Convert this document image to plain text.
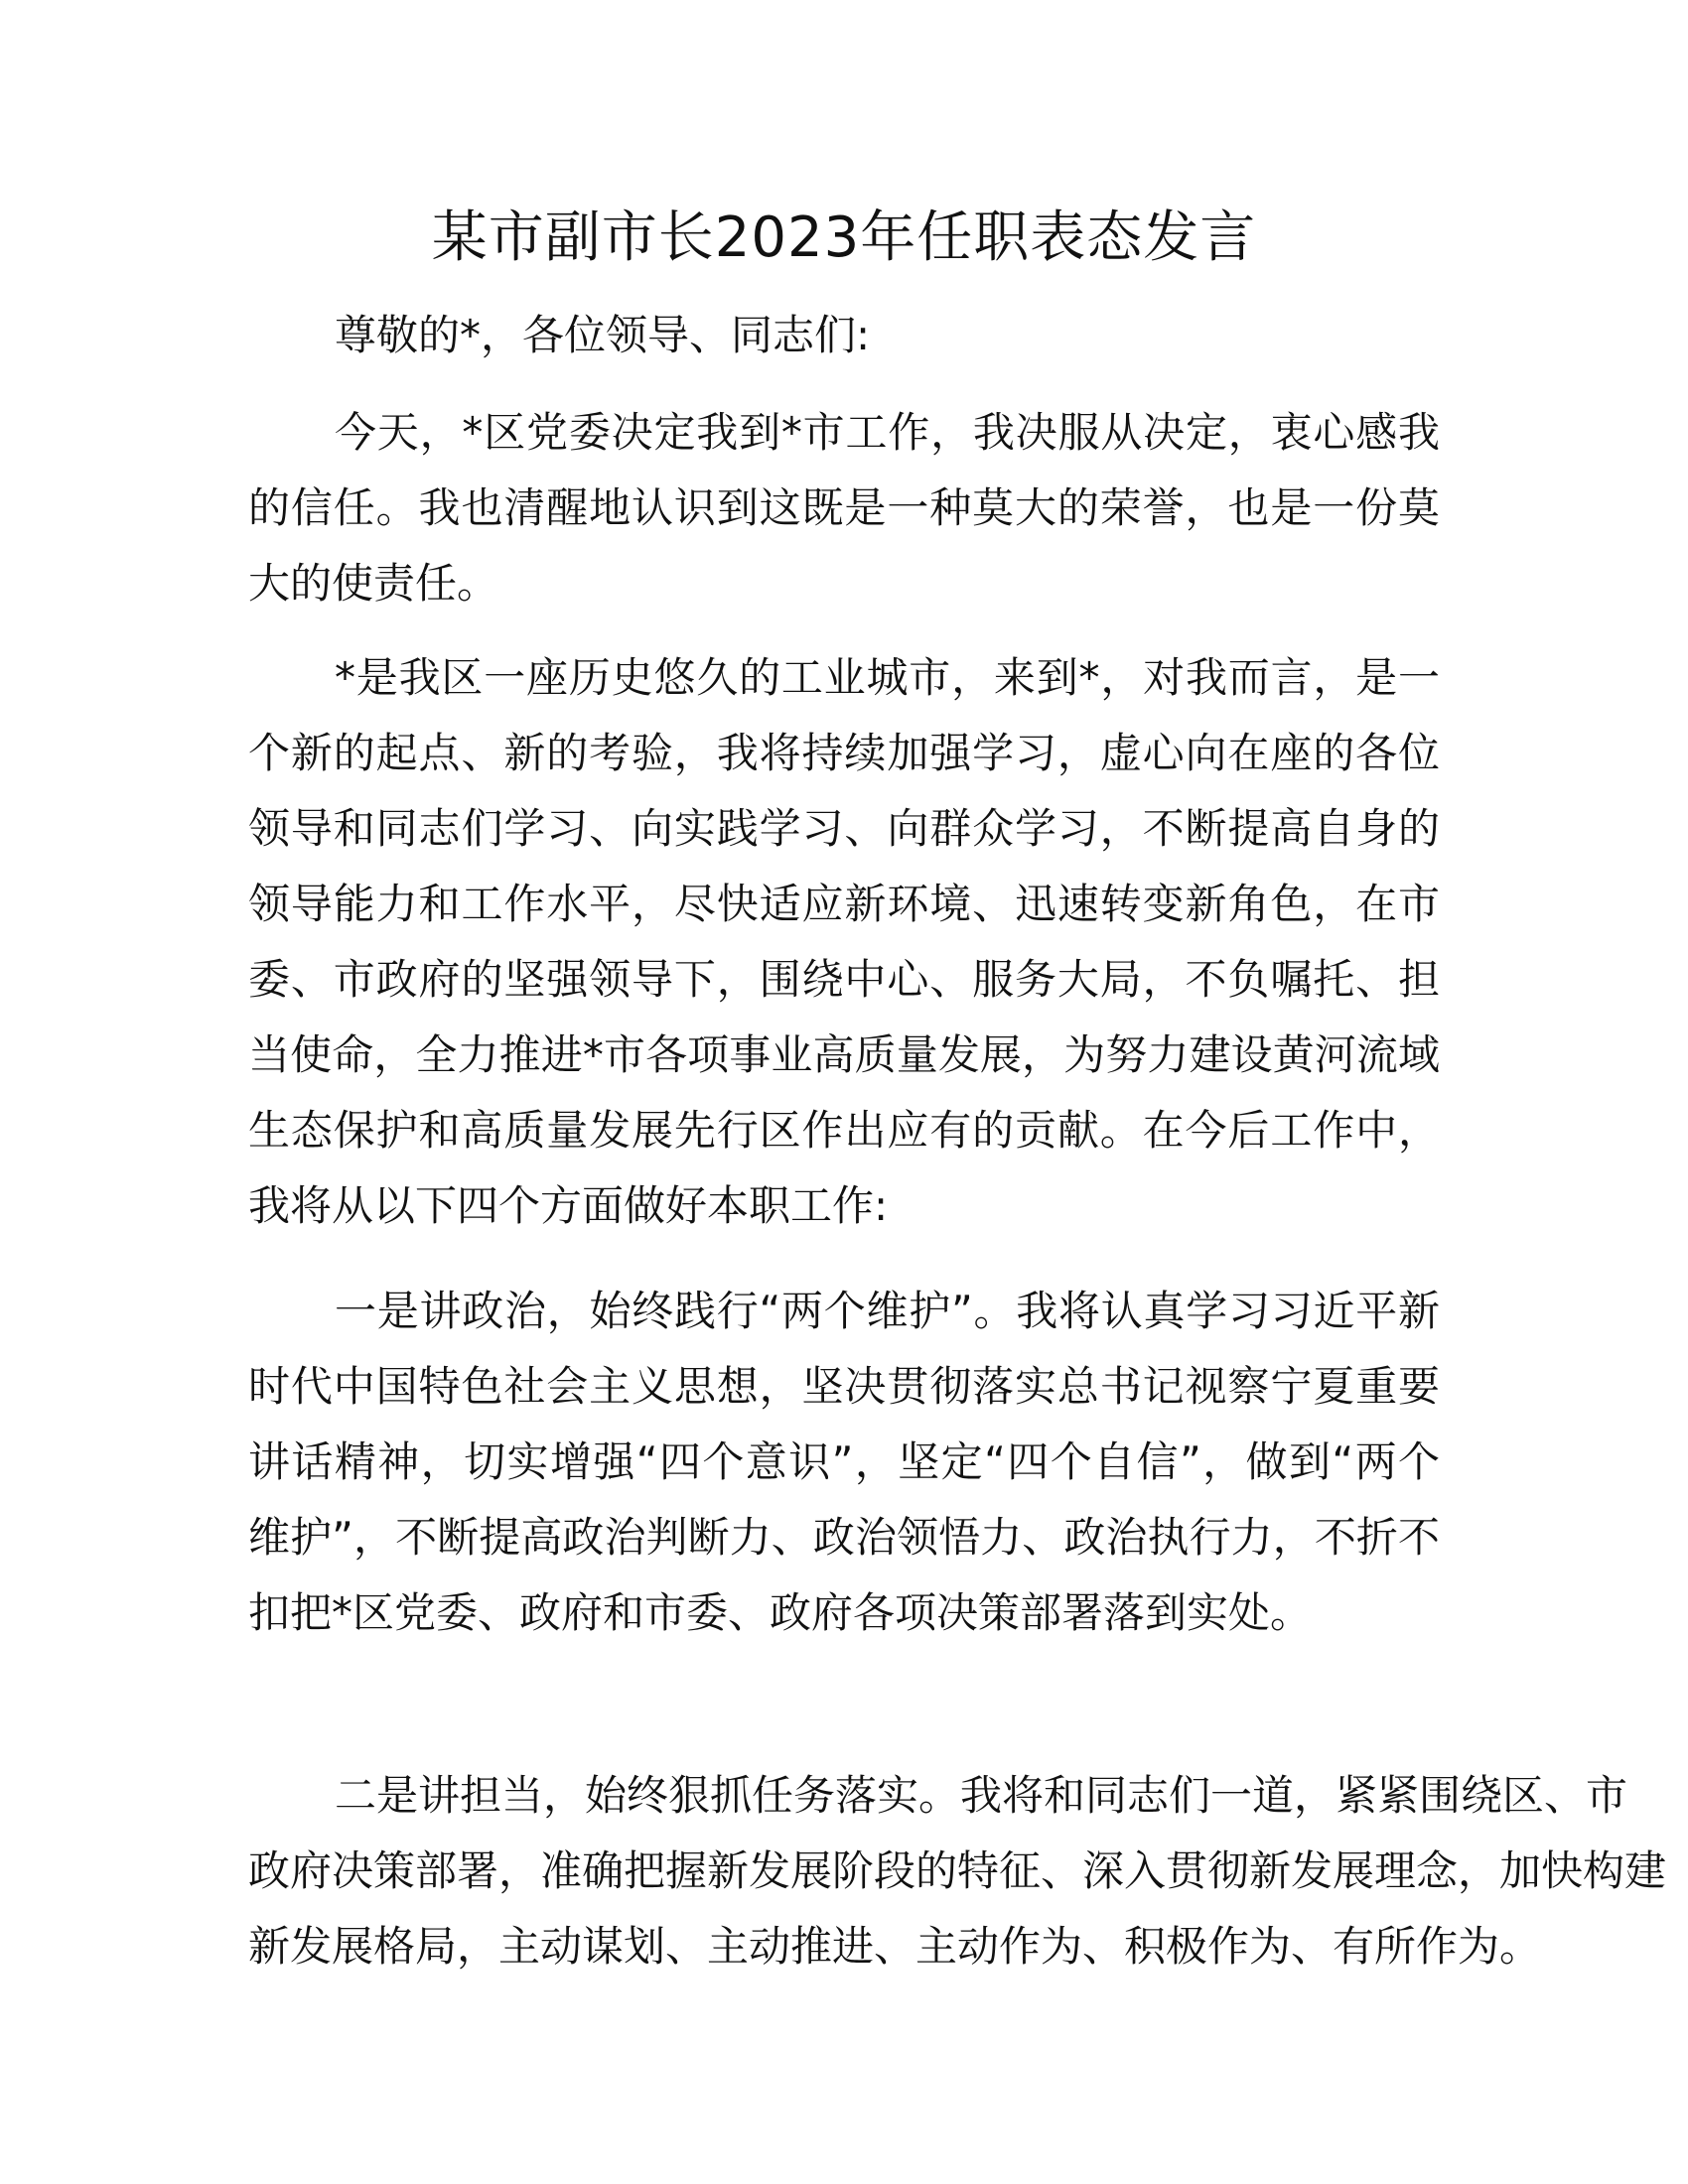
某市副市长2023年任职表态发言
尊敬的*，各位领导、同志们:

今天，*区党委决定我到*市工作，我决服从决定，衷心感我的信任。我也清醒地认识到这既是一种莫大的荣誉，也是一份莫大的使责任。

*是我区一座历史悠久的工业城市，来到*，对我而言，是一个新的起点、新的考验，我将持续加强学习，虚心向在座的各位领导和同志们学习、向实践学习、向群众学习，不断提高自身的领导能力和工作水平，尽快适应新环境、迅速转变新角色，在市委、市政府的坚强领导下，围绕中心、服务大局，不负嘱托、担当使命，全力推进*市各项事业高质量发展，为努力建设黄河流域生态保护和高质量发展先行区作出应有的贡献。在今后工作中，我将从以下四个方面做好本职工作:

一是讲政治，始终践行“两个维护”。我将认真学习习近平新时代中国特色社会主义思想，坚决贯彻落实总书记视察宁夏重要讲话精神，切实增强“四个意识”，坚定“四个自信”，做到“两个维护”，不断提高政治判断力、政治领悟力、政治执行力，不折不扣把*区党委、政府和市委、政府各项决策部署落到实处。

二是讲担当，始终狠抓任务落实。我将和同志们一道，紧紧围绕区、市政府决策部署，准确把握新发展阶段的特征、深入贯彻新发展理念，加快构建新发展格局，主动谋划、主动推进、主动作为、积极作为、有所作为。
